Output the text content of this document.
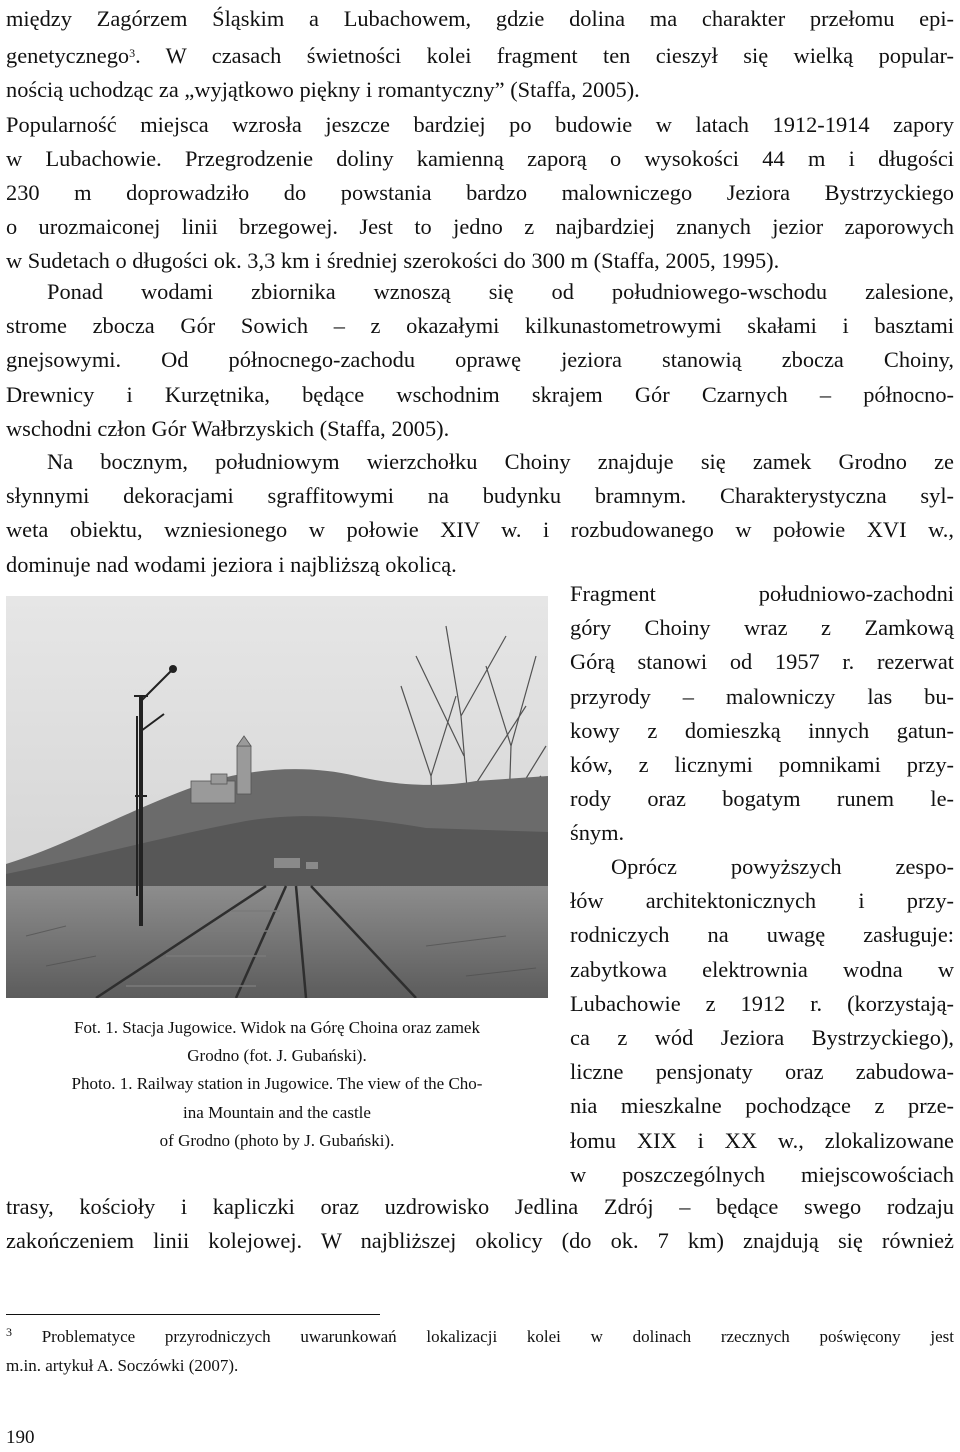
między Zagórzem Śląskim a Lubachowem, gdzie dolina ma charakter przełomu epi-
genetycznego$^3$. W czasach świetności kolei fragment ten cieszył się wielką popular-
nością uchodząc za „wyjątkowo piękny i romantyczny” (Staffa, 2005).
Popularność miejsca wzrosła jeszcze bardziej po budowie w latach 1912-1914 zapory
w Lubachowie. Przegrodzenie doliny kamienną zaporą o wysokości 44 m i długości
230 m doprowadziło do powstania bardzo malowniczego Jeziora Bystrzyckiego
o urozmaiconej linii brzegowej. Jest to jedno z najbardziej znanych jezior zaporowych
w Sudetach o długości ok. 3,3 km i średniej szerokości do 300 m (Staffa, 2005, 1995).
Ponad wodami zbiornika wznoszą się od południowego-wschodu zalesione,
strome zbocza Gór Sowich – z okazałymi kilkunastometrowymi skałami i basztami
gnejsowymi. Od północnego-zachodu oprawę jeziora stanowią zbocza Choiny,
Drewnicy i Kurzętnika, będące wschodnim skrajem Gór Czarnych – północno-
wschodni człon Gór Wałbrzyskich (Staffa, 2005).
Na bocznym, południowym wierzchołku Choiny znajduje się zamek Grodno ze
słynnymi dekoracjami sgraffitowymi na budynku bramnym. Charakterystyczna syl-
weta obiektu, wzniesionego w połowie XIV w. i rozbudowanego w połowie XVI w.,
dominuje nad wodami jeziora i najbliższą okolicą.
Fot. 1. Stacja Jugowice. Widok na Górę Choina oraz zamek
Grodno (fot. J. Gubański).
Photo. 1. Railway station in Jugowice. The view of the Cho-
ina Mountain and the castle
of Grodno (photo by J. Gubański).
Fragment południowo-zachodni
góry Choiny wraz z Zamkową
Górą stanowi od 1957 r. rezerwat
przyrody – malowniczy las bu-
kowy z domieszką innych gatun-
ków, z licznymi pomnikami przy-
rody oraz bogatym runem le-
śnym.
Oprócz powyższych zespo-
łów architektonicznych i przy-
rodniczych na uwagę zasługuje:
zabytkowa elektrownia wodna w
Lubachowie z 1912 r. (korzystają-
ca z wód Jeziora Bystrzyckiego),
liczne pensjonaty oraz zabudowa-
nia mieszkalne pochodzące z prze-
łomu XIX i XX w., zlokalizowane
w poszczególnych miejscowościach
trasy, kościoły i kapliczki oraz uzdrowisko Jedlina Zdrój – będące swego rodzaju
zakończeniem linii kolejowej. W najbliższej okolicy (do ok. 7 km) znajdują się również
$^3$ Problematyce przyrodniczych uwarunkowań lokalizacji kolei w dolinach rzecznych poświęcony jest
m.in. artykuł A. Soczówki (2007).
190
